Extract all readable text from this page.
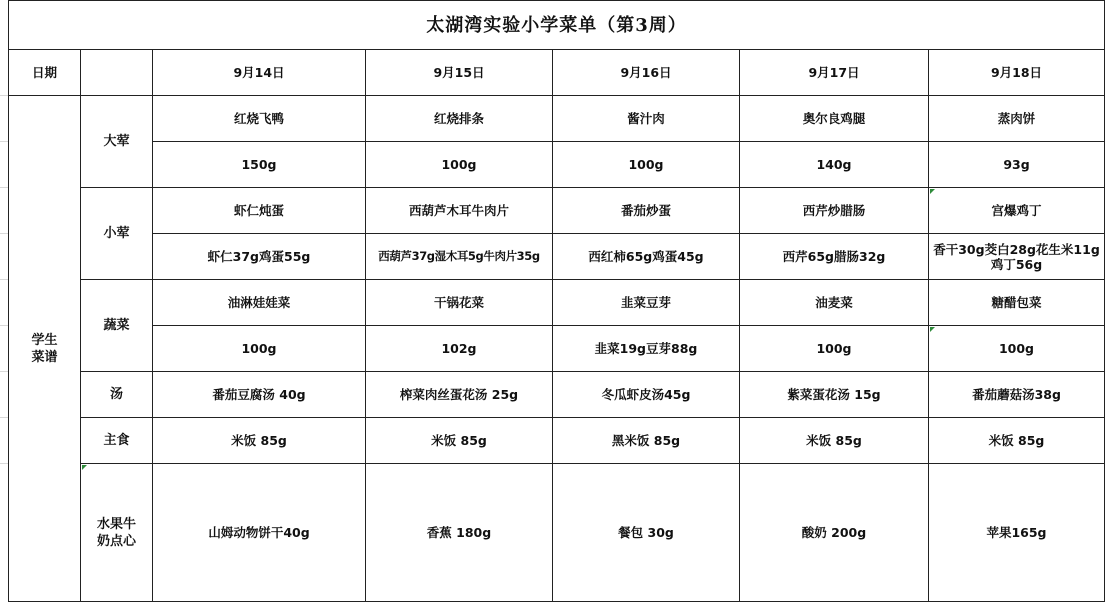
太湖湾实验小学菜单（第3周）						
日期		9月14日	9月15日	9月16日	9月17日	9月18日
学生菜谱	大荤	红烧飞鸭	红烧排条	酱汁肉	奥尔良鸡腿	蒸肉饼
		150g	100g	100g	140g	93g
	小荤	虾仁炖蛋	西葫芦木耳牛肉片	番茄炒蛋	西芹炒腊肠	宫爆鸡丁
		虾仁37g鸡蛋55g	西葫芦37g湿木耳5g牛肉片35g	西红柿65g鸡蛋45g	西芹65g腊肠32g	香干30g茭白28g花生米11g 鸡丁56g
	蔬菜	油淋娃娃菜	干锅花菜	韭菜豆芽	油麦菜	糖醋包菜
		100g	102g	韭菜19g豆芽88g	100g	100g
	汤	番茄豆腐汤 40g	榨菜肉丝蛋花汤 25g	冬瓜虾皮汤45g	紫菜蛋花汤 15g	番茄蘑菇汤38g
	主食	米饭 85g	米饭 85g	黑米饭 85g	米饭 85g	米饭 85g
	水果牛奶点心	山姆动物饼干40g	香蕉 180g	餐包 30g	酸奶 200g	苹果165g
